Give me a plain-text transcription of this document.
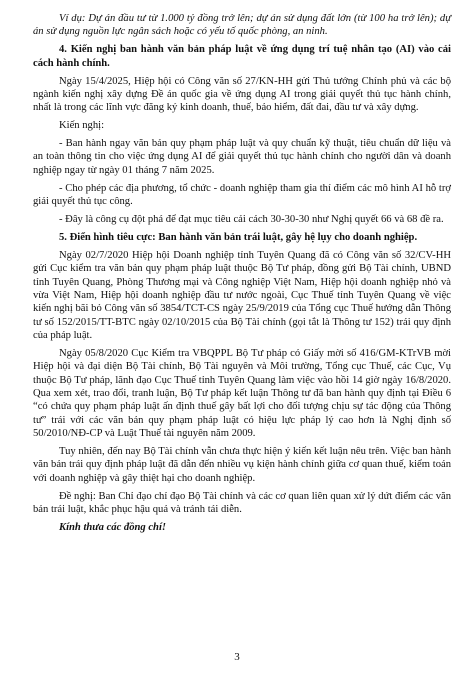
Ví dụ: Dự án đầu tư từ 1.000 tỷ đồng trở lên; dự án sử dụng đất lớn (từ 100 ha trở lên); dự án sử dụng nguồn lực ngân sách hoặc có yếu tố quốc phòng, an ninh.

4. Kiến nghị ban hành văn bản pháp luật về ứng dụng trí tuệ nhân tạo (AI) vào cải cách hành chính.

Ngày 15/4/2025, Hiệp hội có Công văn số 27/KN-HH gửi Thủ tướng Chính phủ và các bộ ngành kiến nghị xây dựng Đề án quốc gia về ứng dụng AI trong giải quyết thủ tục hành chính, nhất là trong các lĩnh vực đăng ký kinh doanh, thuế, bảo hiểm, đất đai, đầu tư và xây dựng.

Kiến nghị:

- Ban hành ngay văn bản quy phạm pháp luật và quy chuẩn kỹ thuật, tiêu chuẩn dữ liệu và an toàn thông tin cho việc ứng dụng AI để giải quyết thủ tục hành chính cho người dân và doanh nghiệp ngay từ ngày 01 tháng 7 năm 2025.

- Cho phép các địa phương, tổ chức - doanh nghiệp tham gia thí điểm các mô hình AI hỗ trợ giải quyết thủ tục công.

- Đây là công cụ đột phá để đạt mục tiêu cải cách 30-30-30 như Nghị quyết 66 và 68 đề ra.

5. Điển hình tiêu cực: Ban hành văn bản trái luật, gây hệ lụy cho doanh nghiệp.

Ngày 02/7/2020 Hiệp hội Doanh nghiệp tỉnh Tuyên Quang đã có Công văn số 32/CV-HH gửi Cục kiểm tra văn bản quy phạm pháp luật thuộc Bộ Tư pháp, đồng gửi Bộ Tài chính, UBND tỉnh Tuyên Quang, Phòng Thương mại và Công nghiệp Việt Nam, Hiệp hội doanh nghiệp nhỏ và vừa Việt Nam, Hiệp hội doanh nghiệp đầu tư nước ngoài, Cục Thuế tỉnh Tuyên Quang về việc kiến nghị bãi bỏ Công văn số 3854/TCT-CS ngày 25/9/2019 của Tổng cục Thuế hướng dẫn Thông tư số 152/2015/TT-BTC ngày 02/10/2015 của Bộ Tài chính (gọi tắt là Thông tư 152) trái quy định của pháp luật.

Ngày 05/8/2020 Cục Kiểm tra VBQPPL Bộ Tư pháp có Giấy mời số 416/GM-KTrVB mời Hiệp hội và đại diện Bộ Tài chính, Bộ Tài nguyên và Môi trường, Tổng cục Thuế, các Cục, Vụ thuộc Bộ Tư pháp, lãnh đạo Cục Thuế tỉnh Tuyên Quang làm việc vào hồi 14 giờ ngày 16/8/2020. Qua xem xét, trao đổi, tranh luận, Bộ Tư pháp kết luận Thông tư đã ban hành quy định tại Điều 6 “có chứa quy phạm pháp luật ấn định thuế gây bất lợi cho đối tượng chịu sự tác động của Thông tư” trái với các văn bản quy phạm pháp luật có hiệu lực pháp lý cao hơn là Nghị định số 50/2010/NĐ-CP và Luật Thuế tài nguyên năm 2009.

Tuy nhiên, đến nay Bộ Tài chính vẫn chưa thực hiện ý kiến kết luận nêu trên. Việc ban hành văn bản trái quy định pháp luật đã dẫn đến nhiều vụ kiện hành chính giữa cơ quan thuế, kiểm toán với doanh nghiệp và gây thiệt hại cho doanh nghiệp.

Đề nghị: Ban Chỉ đạo chỉ đạo Bộ Tài chính và các cơ quan liên quan xử lý dứt điểm các văn bản trái luật, khắc phục hậu quả và tránh tái diễn.

Kính thưa các đồng chí!

3
